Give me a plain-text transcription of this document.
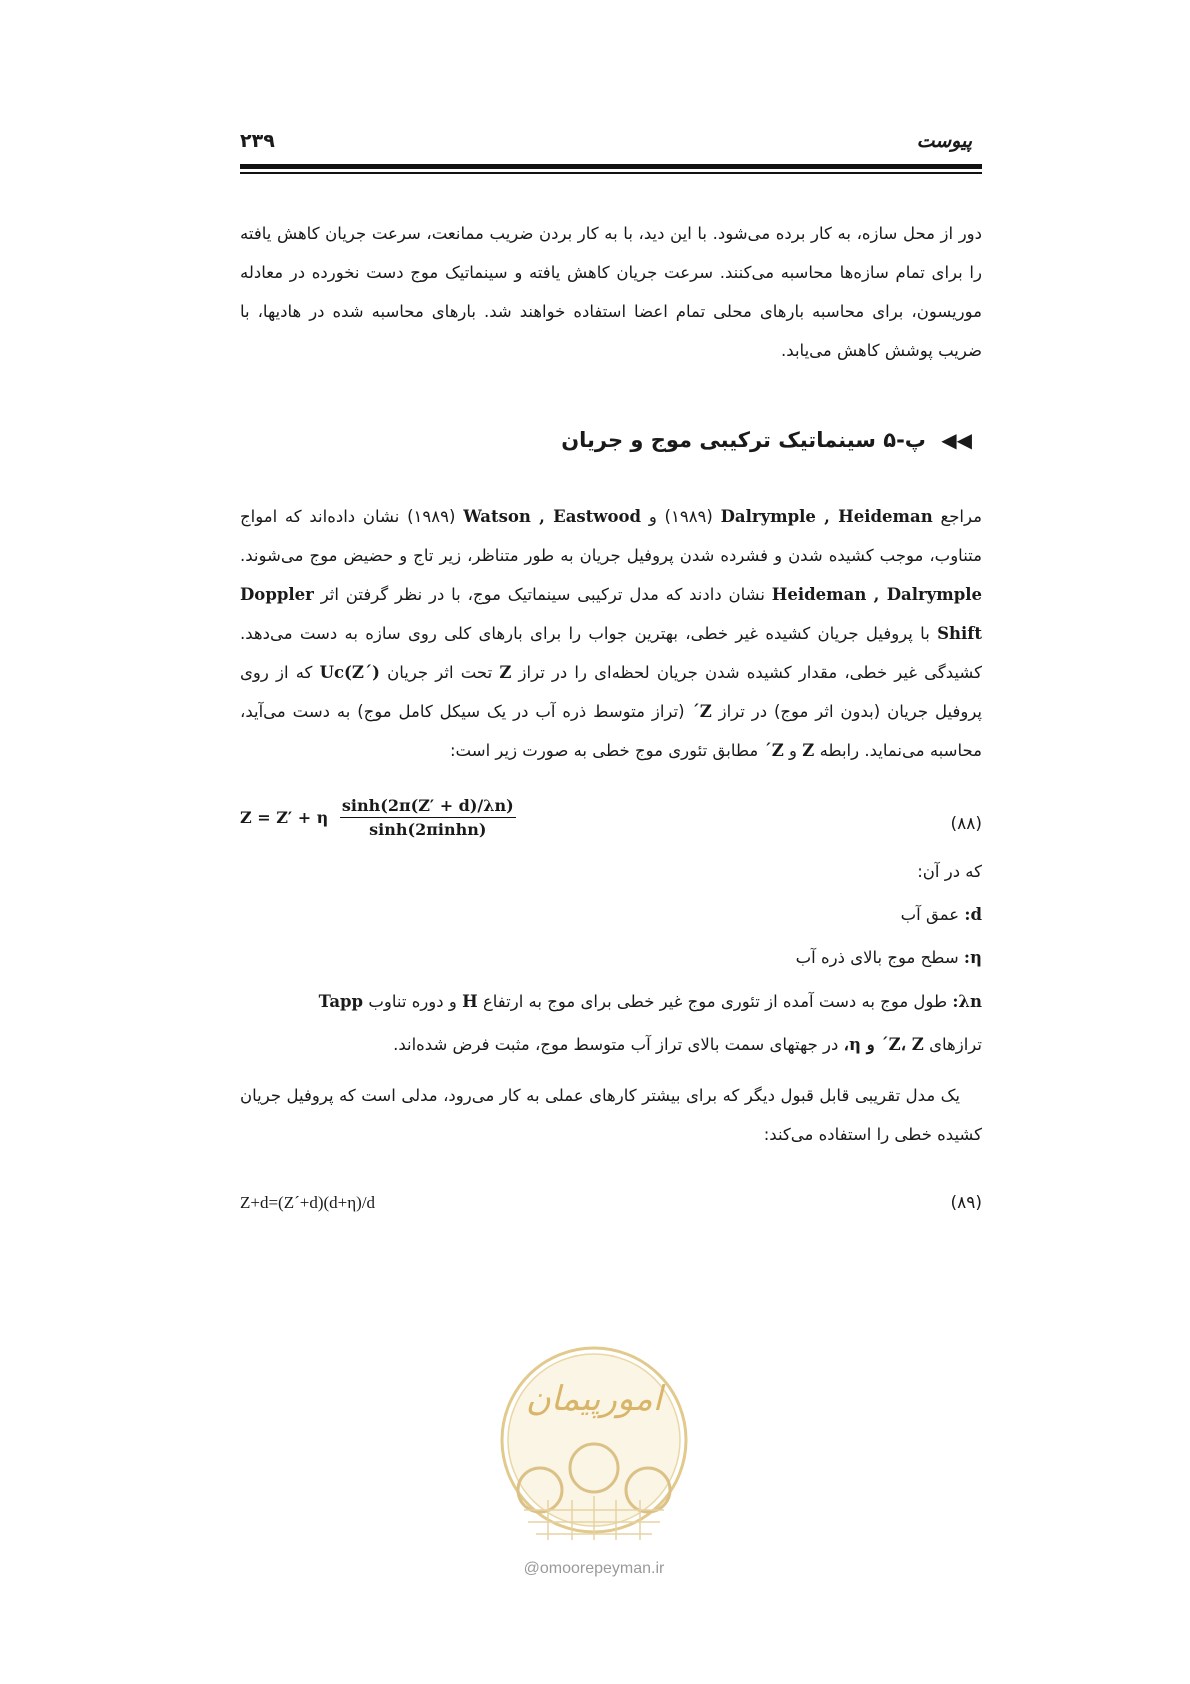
پیوست
۲۳۹

دور از محل سازه، به کار برده می‌شود. با این دید، با به کار بردن ضریب ممانعت، سرعت جریان کاهش یافته را برای تمام سازه‌ها محاسبه می‌کنند. سرعت جریان کاهش یافته و سینماتیک موج دست نخورده در معادله موریسون، برای محاسبه بارهای محلی تمام اعضا استفاده خواهند شد. بارهای محاسبه شده در هادیها، با ضریب پوشش کاهش می‌یابد.

◀◀ پ-۵ سینماتیک ترکیبی موج و جریان

مراجع Dalrymple , Heideman (۱۹۸۹) و Watson , Eastwood (۱۹۸۹) نشان داده‌اند که امواج متناوب، موجب کشیده شدن و فشرده شدن پروفیل جریان به طور متناظر، زیر تاج و حضیض موج می‌شوند. Heideman , Dalrymple نشان دادند که مدل ترکیبی سینماتیک موج، با در نظر گرفتن اثر Doppler Shift با پروفیل جریان کشیده غیر خطی، بهترین جواب را برای بارهای کلی روی سازه به دست می‌دهد. کشیدگی غیر خطی، مقدار کشیده شدن جریان لحظه‌ای را در تراز Z تحت اثر جریان Uc(Z´) که از روی پروفیل جریان (بدون اثر موج) در تراز Z´ (تراز متوسط ذره آب در یک سیکل کامل موج) به دست می‌آید، محاسبه می‌نماید. رابطه Z و Z´ مطابق تئوری موج خطی به صورت زیر است:

Z = Z′ + η $\frac{\sinh(2\pi(Z' + d)/\lambda n)}{\text{sinh(2πinhn)}}$	(۸۸)
که در آن:
d: عمق آب
η: سطح موج بالای ذره آب
λn: طول موج به دست آمده از تئوری موج غیر خطی برای موج به ارتفاع H و دوره تناوب Tapp
ترازهای Z، Z´ و η، در جهتهای سمت بالای تراز آب متوسط موج، مثبت فرض شده‌اند.

یک مدل تقریبی قابل قبول دیگر که برای بیشتر کارهای عملی به کار می‌رود، مدلی است که پروفیل جریان کشیده خطی را استفاده می‌کند:

Z+d=(Z´+d)(d+η)/d	(۸۹)
امورپیمان
@omoorepeyman.ir
